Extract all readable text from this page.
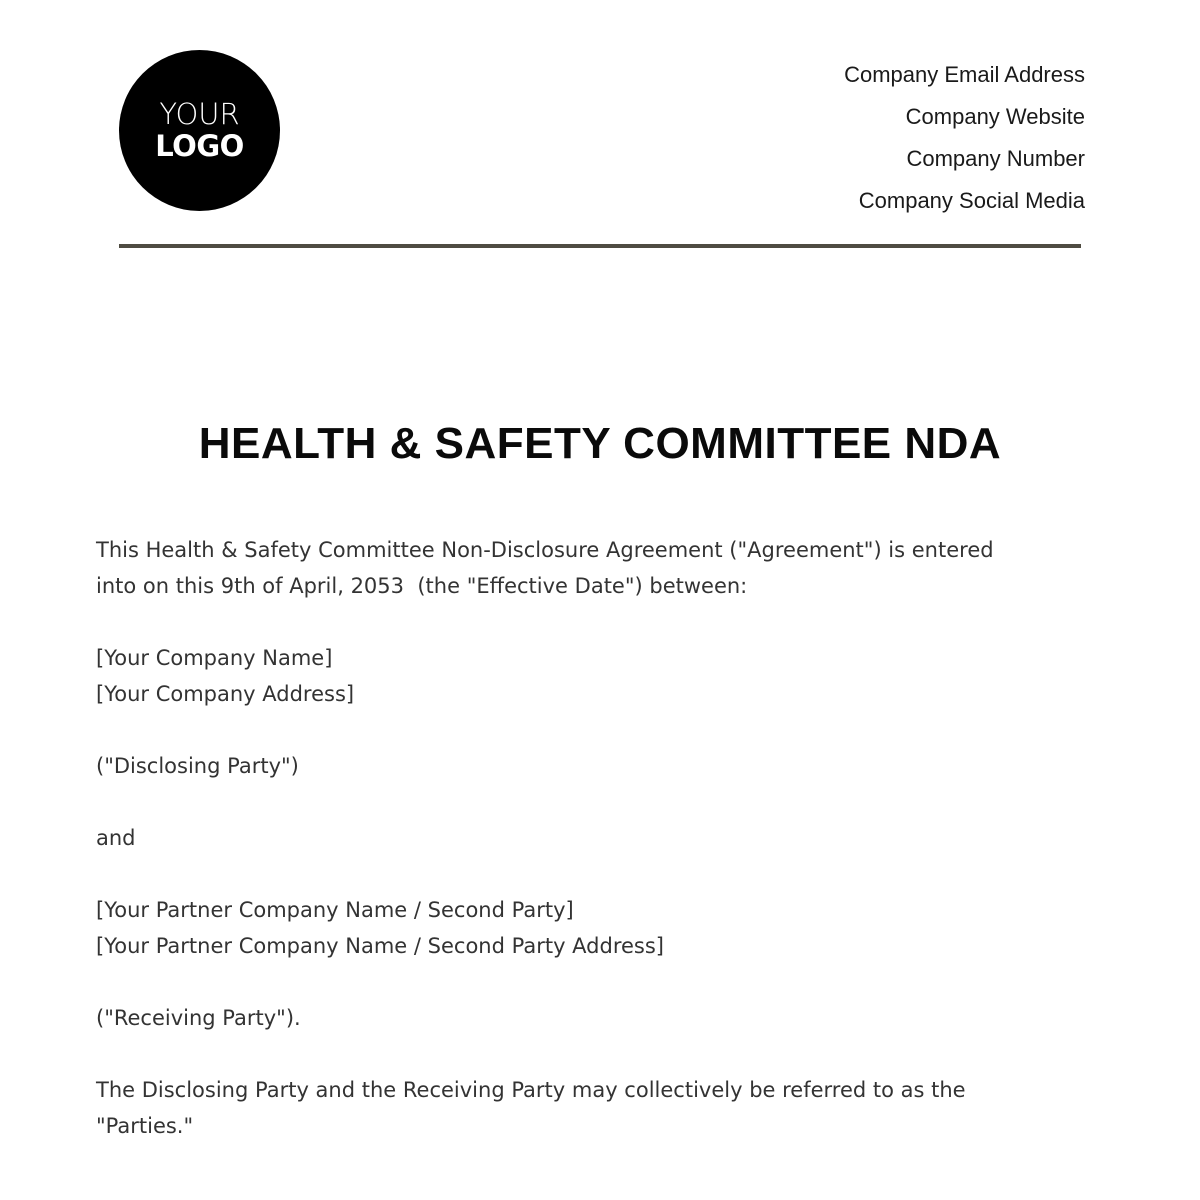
YOUR
LOGO
Company Email Address
Company Website
Company Number
Company Social Media
HEALTH & SAFETY COMMITTEE NDA
This Health & Safety Committee Non-Disclosure Agreement ("Agreement") is entered
into on this 9th of April, 2053  (the "Effective Date") between:
[Your Company Name]
[Your Company Address]
("Disclosing Party")
and
[Your Partner Company Name / Second Party]
[Your Partner Company Name / Second Party Address]
("Receiving Party").
The Disclosing Party and the Receiving Party may collectively be referred to as the
"Parties."
